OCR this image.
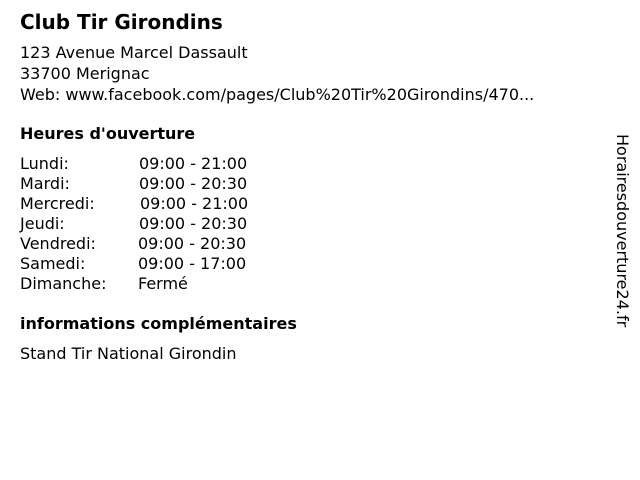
Club Tir Girondins
123 Avenue Marcel Dassault
33700 Merignac
Web: www.facebook.com/pages/Club%20Tir%20Girondins/470...
Heures d'ouverture
Lundi:	09:00 - 21:00
Mardi:	09:00 - 20:30
Mercredi:	09:00 - 21:00
Jeudi:	09:00 - 20:30
Vendredi:	09:00 - 20:30
Samedi:	09:00 - 17:00
Dimanche: Fermé
informations complémentaires
Stand Tir National Girondin
Horairesdouverture24.fr
